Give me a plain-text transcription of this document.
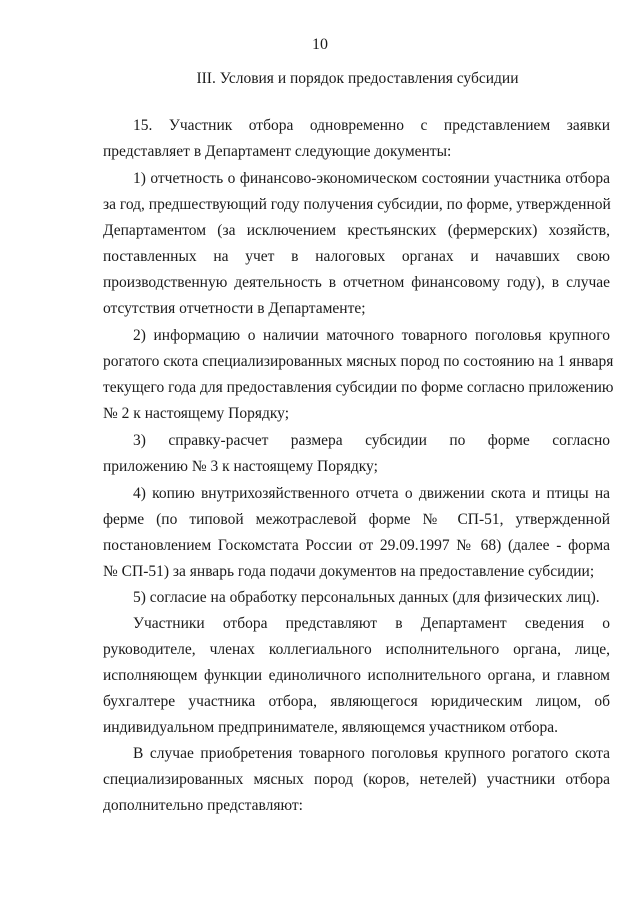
10
III. Условия и порядок предоставления субсидии
15. Участник отбора одновременно с представлением заявки
представляет в Департамент следующие документы:
1) отчетность о финансово-экономическом состоянии участника отбора
за год, предшествующий году получения субсидии, по форме, утвержденной
Департаментом (за исключением крестьянских (фермерских) хозяйств,
поставленных на учет в налоговых органах и начавших свою
производственную деятельность в отчетном финансовому году), в случае
отсутствия отчетности в Департаменте;
2) информацию о наличии маточного товарного поголовья крупного
рогатого скота специализированных мясных пород по состоянию на 1 января
текущего года для предоставления субсидии по форме согласно приложению
№ 2 к настоящему Порядку;
3) справку-расчет размера субсидии по форме согласно
приложению № 3 к настоящему Порядку;
4) копию внутрихозяйственного отчета о движении скота и птицы на
ферме (по типовой межотраслевой форме № СП-51, утвержденной
постановлением Госкомстата России от 29.09.1997 № 68) (далее - форма
№ СП-51) за январь года подачи документов на предоставление субсидии;
5) согласие на обработку персональных данных (для физических лиц).
Участники отбора представляют в Департамент сведения о
руководителе, членах коллегиального исполнительного органа, лице,
исполняющем функции единоличного исполнительного органа, и главном
бухгалтере участника отбора, являющегося юридическим лицом, об
индивидуальном предпринимателе, являющемся участником отбора.
В случае приобретения товарного поголовья крупного рогатого скота
специализированных мясных пород (коров, нетелей) участники отбора
дополнительно представляют:
